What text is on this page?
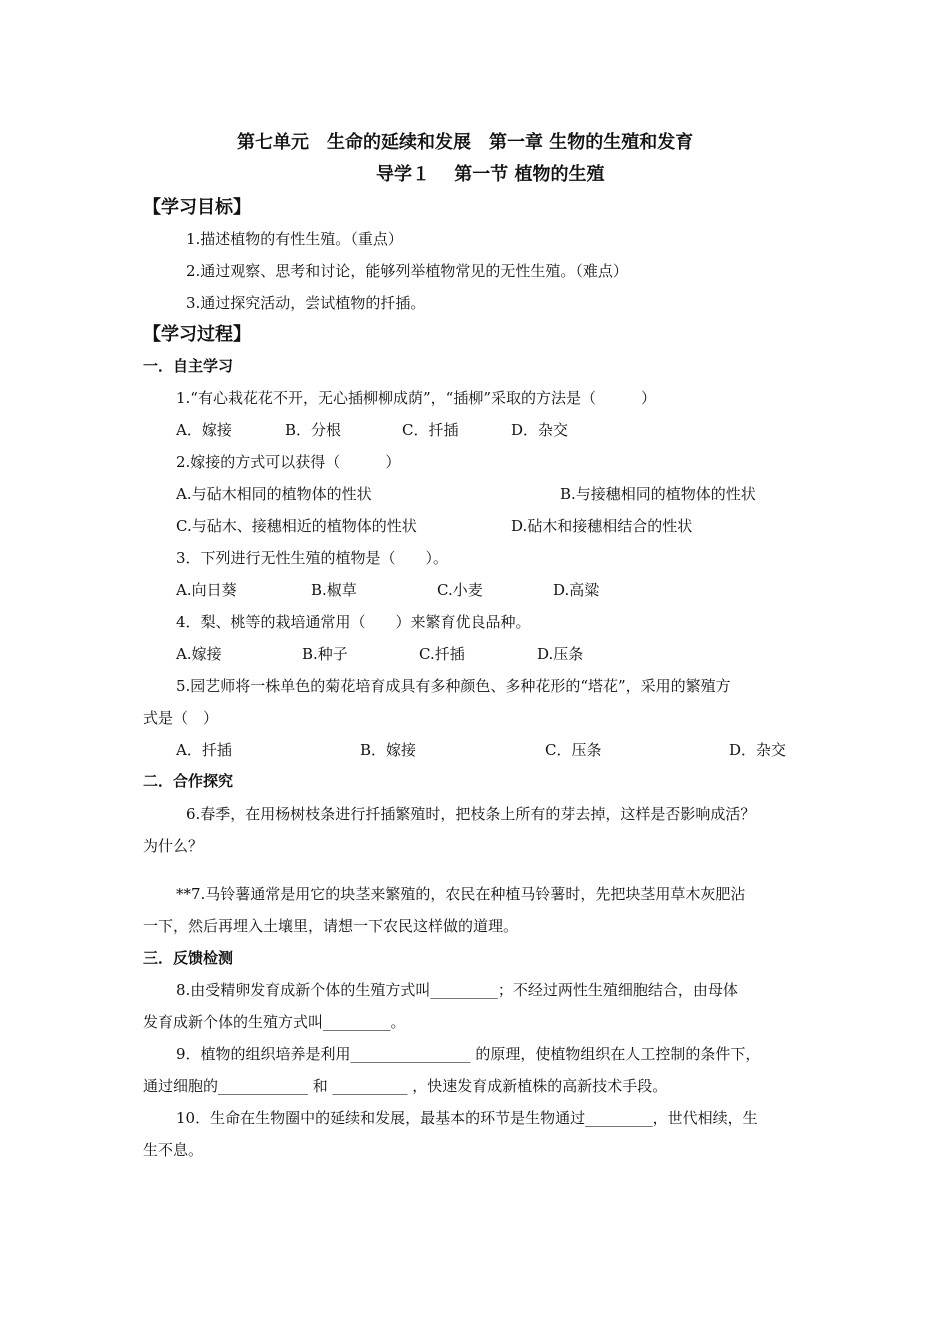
第七单元　生命的延续和发展　第一章 生物的生殖和发育
导学１　 第一节 植物的生殖
【学习目标】
1.描述植物的有性生殖。（重点）
2.通过观察、思考和讨论，能够列举植物常见的无性生殖。（难点）
3.通过探究活动，尝试植物的扦插。
【学习过程】
一．自主学习
1.“有心栽花花不开，无心插柳柳成荫”，“插柳”采取的方法是（　　　）
A．嫁接	B．分根	C．扦插	D．杂交
2.嫁接的方式可以获得（　　　）
A.与砧木相同的植物体的性状	B.与接穗相同的植物体的性状
C.与砧木、接穗相近的植物体的性状	D.砧木和接穗相结合的性状
3．下列进行无性生殖的植物是（　　）。
A.向日葵	B.椒草	C.小麦	D.高粱
4．梨、桃等的栽培通常用（　　）来繁育优良品种。
A.嫁接	B.种子	C.扦插	D.压条
5.园艺师将一株单色的菊花培育成具有多种颜色、多种花形的“塔花”，采用的繁殖方
式是（　）
A．扦插	B．嫁接	C．压条	D．杂交
二．合作探究
6.春季，在用杨树枝条进行扦插繁殖时，把枝条上所有的芽去掉，这样是否影响成活？
为什么？
**7.马铃薯通常是用它的块茎来繁殖的，农民在种植马铃薯时，先把块茎用草木灰肥沾
一下，然后再埋入土壤里，请想一下农民这样做的道理。
三．反馈检测
8.由受精卵发育成新个体的生殖方式叫_________；不经过两性生殖细胞结合，由母体
发育成新个体的生殖方式叫_________。
9．植物的组织培养是利用________________ 的原理，使植物组织在人工控制的条件下，
通过细胞的____________ 和 __________ ，快速发育成新植株的高新技术手段。
10．生命在生物圈中的延续和发展，最基本的环节是生物通过_________，世代相续，生
生不息。
